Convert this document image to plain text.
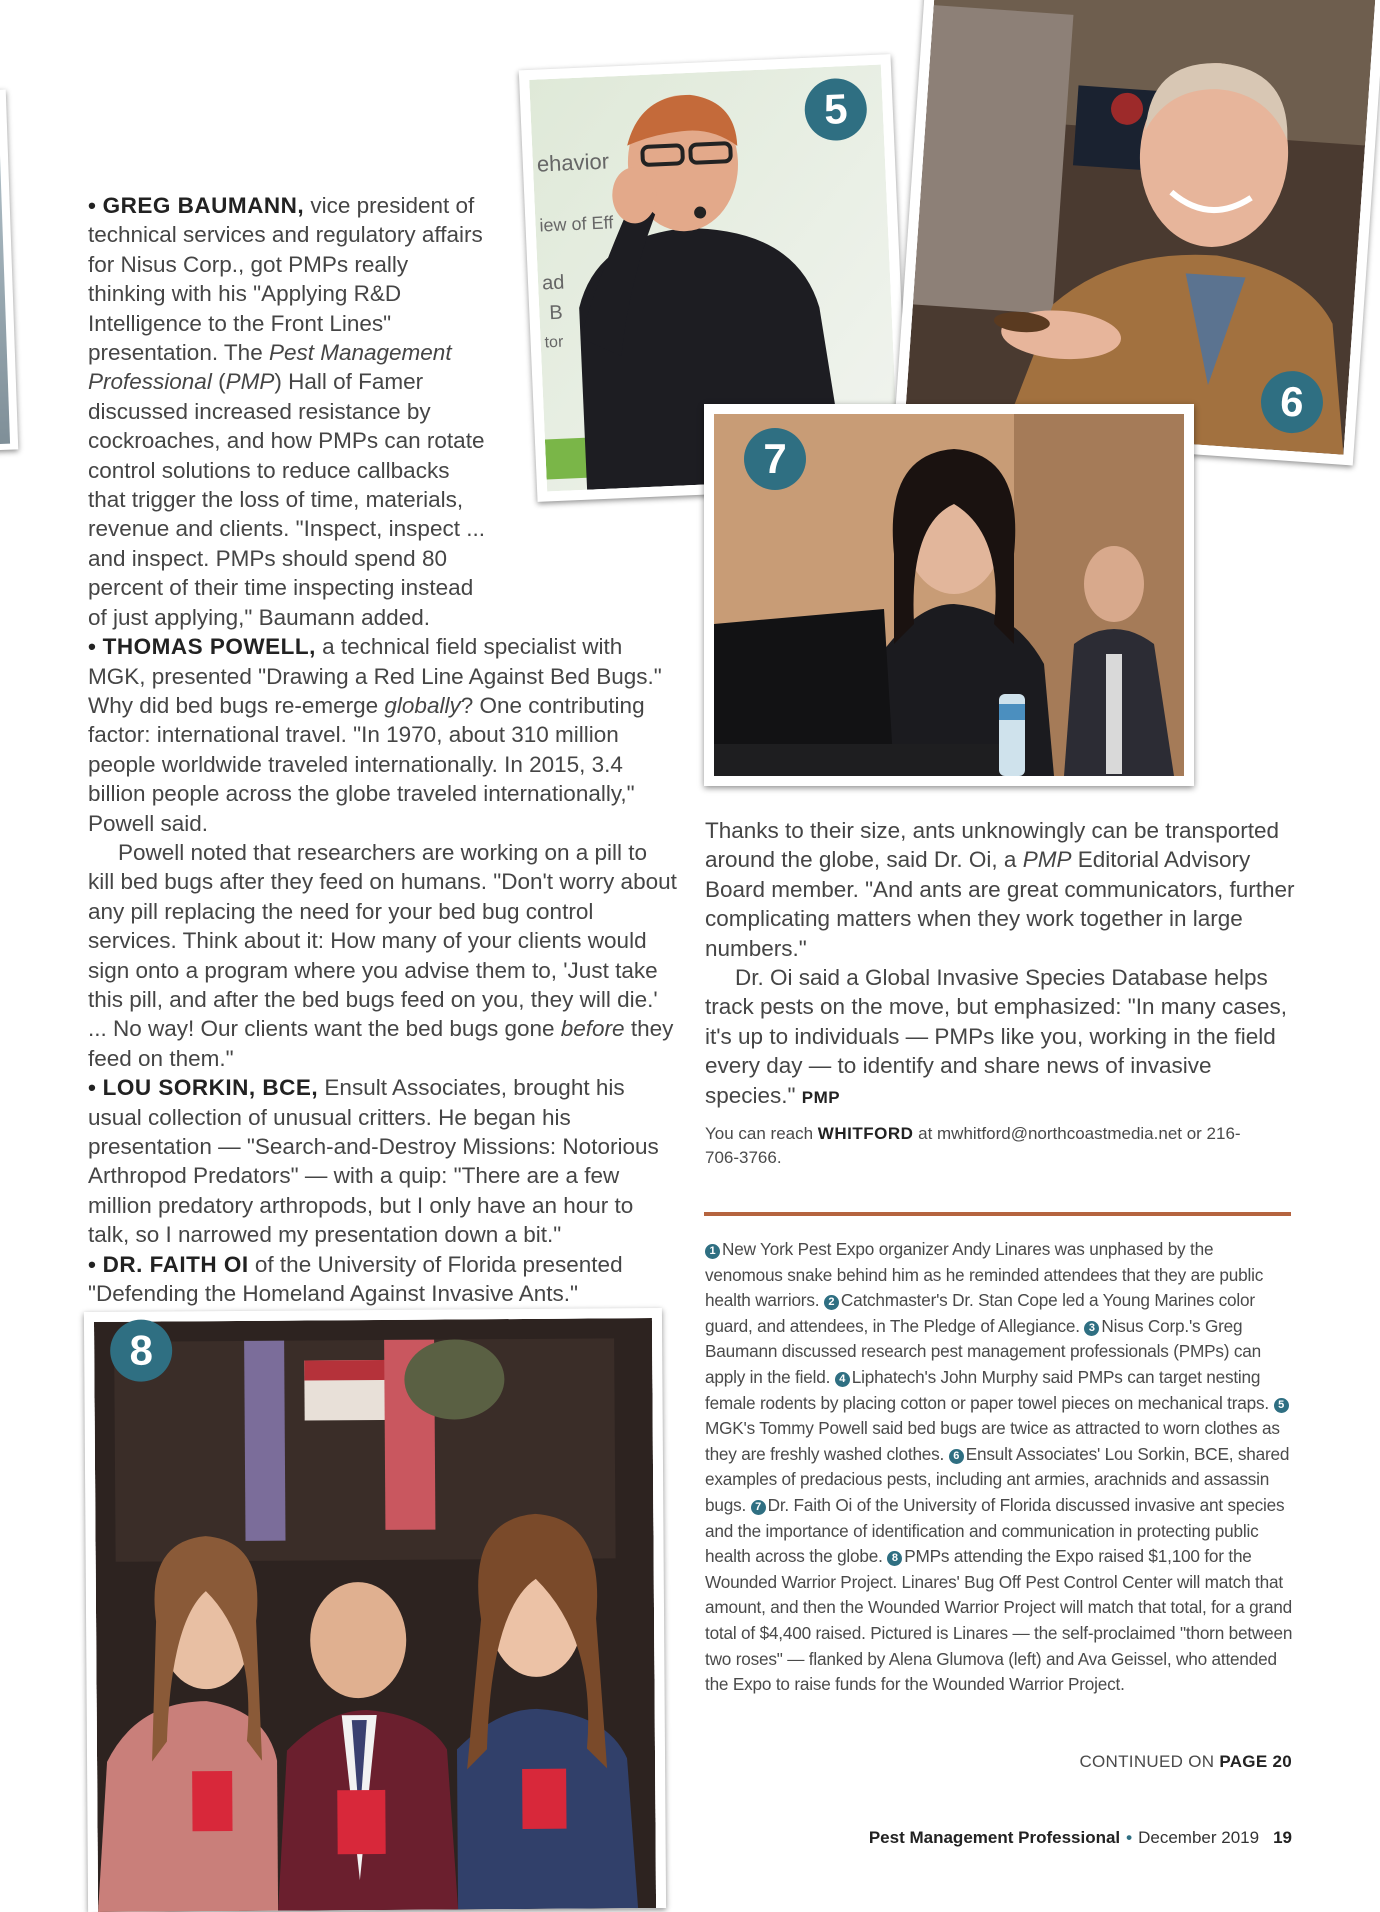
ehavior
iew of Eff
ad
B
tor
5
6
7
8

• GREG BAUMANN, vice president of technical services and regulatory affairs for Nisus Corp., got PMPs really thinking with his "Applying R&D Intelligence to the Front Lines" presentation. The Pest Management Professional (PMP) Hall of Famer discussed increased resistance by cockroaches, and how PMPs can rotate control solutions to reduce callbacks that trigger the loss of time, materials, revenue and clients. "Inspect, inspect ... and inspect. PMPs should spend 80 percent of their time inspecting instead of just applying," Baumann added.

• THOMAS POWELL, a technical field specialist with MGK, presented "Drawing a Red Line Against Bed Bugs." Why did bed bugs re-emerge globally? One contributing factor: international travel. "In 1970, about 310 million people worldwide traveled internationally. In 2015, 3.4 billion people across the globe traveled internationally," Powell said.

Powell noted that researchers are working on a pill to kill bed bugs after they feed on humans. "Don't worry about any pill replacing the need for your bed bug control services. Think about it: How many of your clients would sign onto a program where you advise them to, 'Just take this pill, and after the bed bugs feed on you, they will die.' ... No way! Our clients want the bed bugs gone before they feed on them."

• LOU SORKIN, BCE, Ensult Associates, brought his usual collection of unusual critters. He began his presentation — "Search-and-Destroy Missions: Notorious Arthropod Predators" — with a quip: "There are a few million predatory arthropods, but I only have an hour to talk, so I narrowed my presentation down a bit."

• DR. FAITH OI of the University of Florida presented "Defending the Homeland Against Invasive Ants."

Thanks to their size, ants unknowingly can be transported around the globe, said Dr. Oi, a PMP Editorial Advisory Board member. "And ants are great communicators, further complicating matters when they work together in large numbers."

Dr. Oi said a Global Invasive Species Database helps track pests on the move, but emphasized: "In many cases, it's up to individuals — PMPs like you, working in the field every day — to identify and share news of invasive species." PMP

You can reach WHITFORD at mwhitford@northcoastmedia.net or 216-706-3766.
1 New York Pest Expo organizer Andy Linares was unphased by the venomous snake behind him as he reminded attendees that they are public health warriors. 2 Catchmaster's Dr. Stan Cope led a Young Marines color guard, and attendees, in The Pledge of Allegiance. 3 Nisus Corp.'s Greg Baumann discussed research pest management professionals (PMPs) can apply in the field. 4 Liphatech's John Murphy said PMPs can target nesting female rodents by placing cotton or paper towel pieces on mechanical traps. 5MGK's Tommy Powell said bed bugs are twice as attracted to worn clothes as they are freshly washed clothes. 6 Ensult Associates' Lou Sorkin, BCE, shared examples of predacious pests, including ant armies, arachnids and assassin bugs. 7 Dr. Faith Oi of the University of Florida discussed invasive ant species and the importance of identification and communication in protecting public health across the globe. 8 PMPs attending the Expo raised $1,100 for the Wounded Warrior Project. Linares' Bug Off Pest Control Center will match that amount, and then the Wounded Warrior Project will match that total, for a grand total of $4,400 raised. Pictured is Linares — the self-proclaimed "thorn between two roses" — flanked by Alena Glumova (left) and Ava Geissel, who attended the Expo to raise funds for the Wounded Warrior Project.
CONTINUED ON PAGE 20
Pest Management Professional • December 2019 19
